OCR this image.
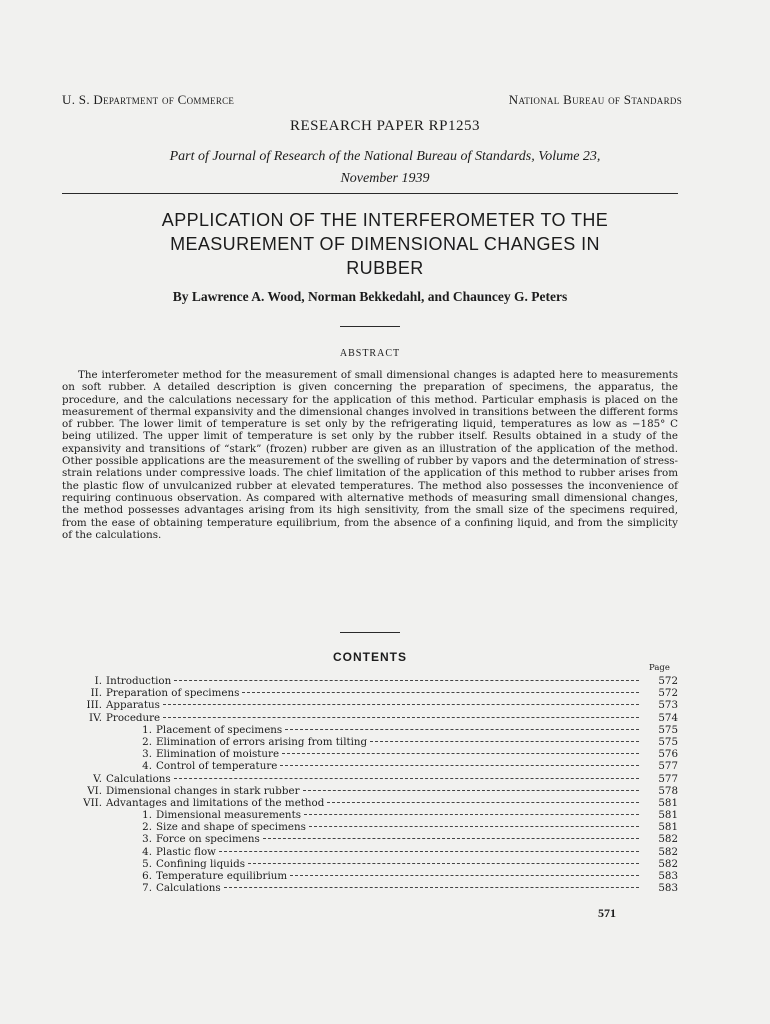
U. S. Department of Commerce	National Bureau of Standards
RESEARCH PAPER RP1253
Part of Journal of Research of the National Bureau of Standards, Volume 23,
November 1939
APPLICATION OF THE INTERFEROMETER TO THE
MEASUREMENT OF DIMENSIONAL CHANGES IN
RUBBER
By Lawrence A. Wood, Norman Bekkedahl, and Chauncey G. Peters
ABSTRACT

The interferometer method for the measurement of small dimensional changes is adapted here to measurements on soft rubber. A detailed description is given concerning the preparation of specimens, the apparatus, the procedure, and the calculations necessary for the application of this method. Particular emphasis is placed on the measurement of thermal expansivity and the dimensional changes involved in transitions between the different forms of rubber. The lower limit of temperature is set only by the refrigerating liquid, temperatures as low as −185° C being utilized. The upper limit of temperature is set only by the rubber itself. Results obtained in a study of the expansivity and transitions of “stark” (frozen) rubber are given as an illustration of the application of the method. Other possible applications are the measurement of the swelling of rubber by vapors and the determination of stress-strain relations under compressive loads. The chief limitation of the application of this method to rubber arises from the plastic flow of unvulcanized rubber at elevated temperatures. The method also possesses the inconvenience of requiring continuous observation. As compared with alternative methods of measuring small dimensional changes, the method possesses advantages arising from its high sensitivity, from the small size of the specimens required, from the ease of obtaining temperature equilibrium, from the absence of a confining liquid, and from the simplicity of the calculations.

CONTENTS
Page
I. Introduction	572
II. Preparation of specimens	572
III. Apparatus	573
IV. Procedure	574
1. Placement of specimens	575
2. Elimination of errors arising from tilting	575
3. Elimination of moisture	576
4. Control of temperature	577
V. Calculations	577
VI. Dimensional changes in stark rubber	578
VII. Advantages and limitations of the method	581
1. Dimensional measurements	581
2. Size and shape of specimens	581
3. Force on specimens	582
4. Plastic flow	582
5. Confining liquids	582
6. Temperature equilibrium	583
7. Calculations	583
571
